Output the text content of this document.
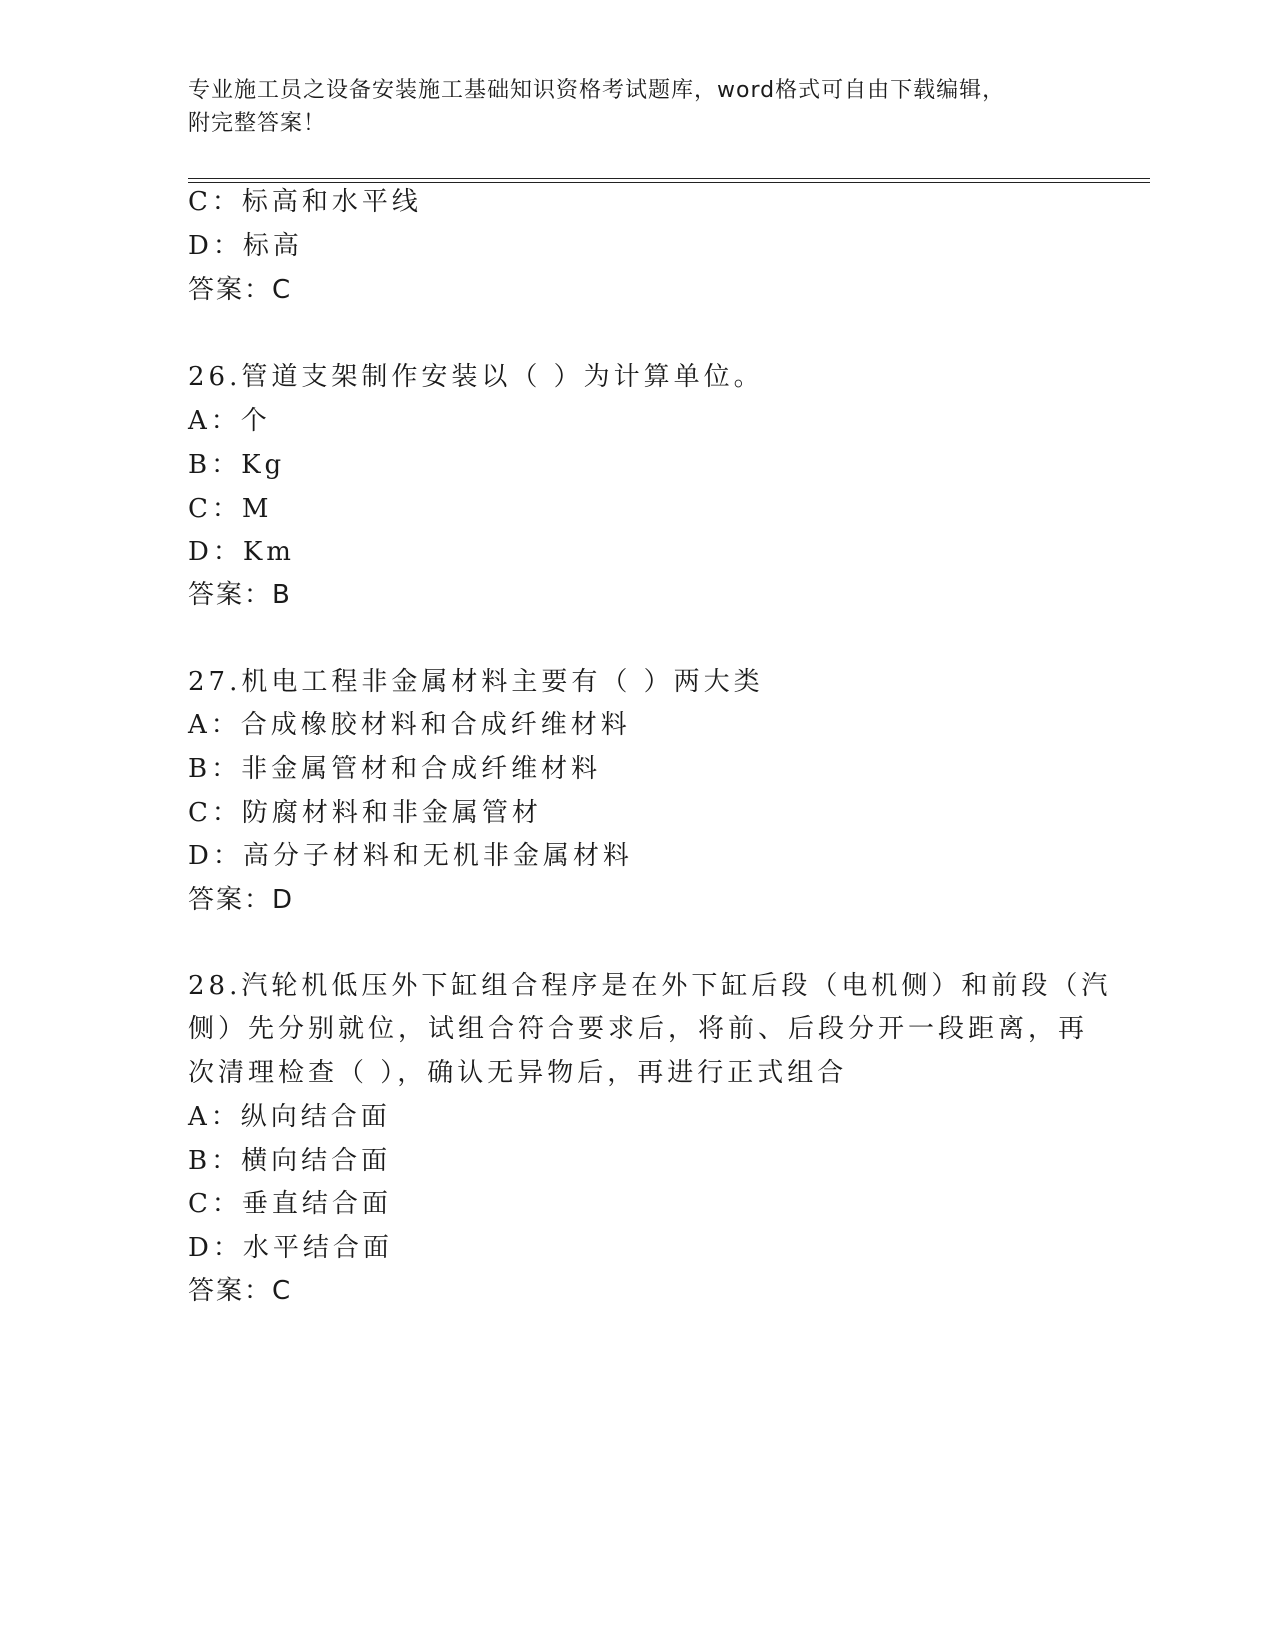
专业施工员之设备安装施工基础知识资格考试题库，word格式可自由下载编辑，
附完整答案！
C：标高和水平线
D：标高
答案：C
26.管道支架制作安装以（ ）为计算单位。
A：个
B：Kg
C：M
D：Km
答案：B
27.机电工程非金属材料主要有（ ）两大类
A：合成橡胶材料和合成纤维材料
B：非金属管材和合成纤维材料
C：防腐材料和非金属管材
D：高分子材料和无机非金属材料
答案：D
28.汽轮机低压外下缸组合程序是在外下缸后段（电机侧）和前段（汽
侧）先分别就位，试组合符合要求后，将前、后段分开一段距离，再
次清理检查（ ），确认无异物后，再进行正式组合
A：纵向结合面
B：横向结合面
C：垂直结合面
D：水平结合面
答案：C
